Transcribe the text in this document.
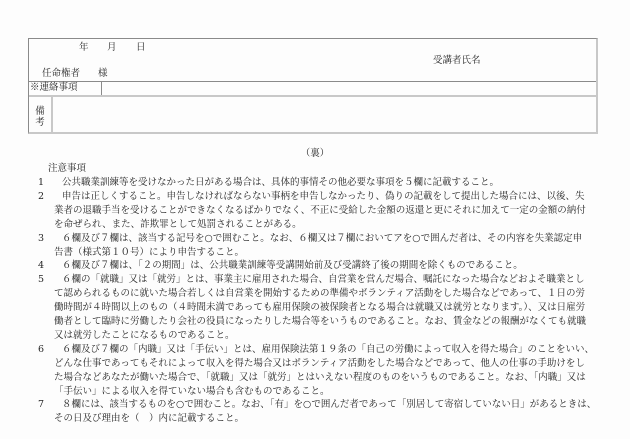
年 月 日
任命権者 様
受講者氏名
※連絡事項
備
考
（裏）
注意事項
1 公共職業訓練等を受けなかった日がある場合は、具体的事情その他必要な事項を５欄に記載すること。
2 申告は正しくすること。申告しなければならない事柄を申告しなかったり、偽りの記載をして提出した場合には、以後、失
業者の退職手当を受けることができなくなるばかりでなく、不正に受給した金額の返還と更にそれに加えて一定の金額の納付
を命ぜられ、また、詐欺罪として処罰されることがある。
3 ６欄及び７欄は、該当する記号を○で囲むこと。なお、６欄又は７欄においてアを○で囲んだ者は、その内容を失業認定申
告書（様式第１０号）により申告すること。
4 ６欄及び７欄は、「２の期間」は、公共職業訓練等受講開始前及び受講終了後の期間を除くものであること。
5 ６欄の「就職」又は「就労」とは、事業主に雇用された場合、自営業を営んだ場合、嘱託になった場合などおよそ職業とし
て認められるものに就いた場合若しくは自営業を開始するための準備やボランティア活動をした場合などであって、１日の労
働時間が４時間以上のもの（４時間未満であっても雇用保険の被保険者となる場合は就職又は就労となります。）、又は日雇労
働者として臨時に労働したり会社の役員になったりした場合等をいうものであること。なお、賃金などの報酬がなくても就職
又は就労したことになるものであること。
6 ６欄及び７欄の「内職」又は「手伝い」とは、雇用保険法第１９条の「自己の労働によって収入を得た場合」のことをいい、
どんな仕事であってもそれによって収入を得た場合又はボランティア活動をした場合などであって、他人の仕事の手助けをし
た場合などあなたが働いた場合で、「就職」又は「就労」とはいえない程度のものをいうものであること。なお、「内職」又は
「手伝い」による収入を得ていない場合も含むものであること。
7 ８欄には、該当するものを○で囲むこと。なお、「有」を○で囲んだ者であって「別居して寄宿していない日」があるときは、
その日及び理由を（　）内に記載すること。
